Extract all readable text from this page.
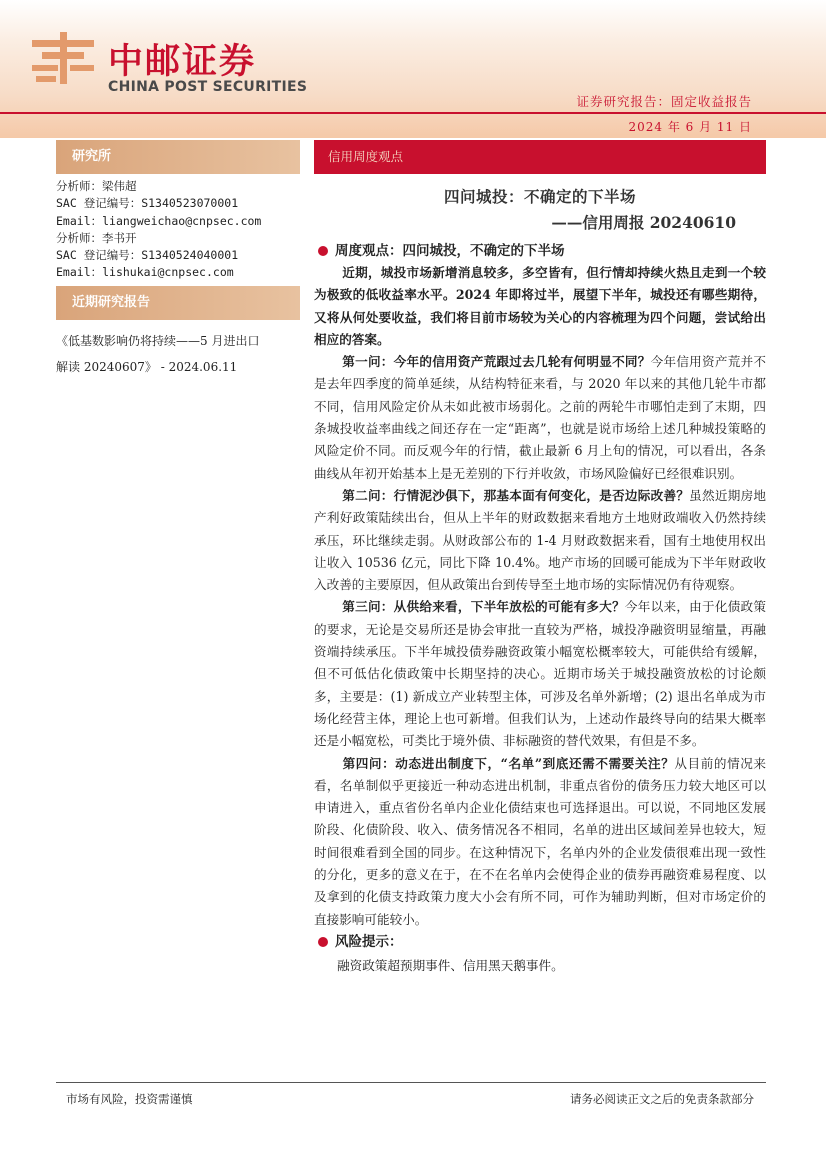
中邮证券
CHINA POST SECURITIES
证券研究报告：固定收益报告
2024 年 6 月 11 日
研究所
分析师：梁伟超
SAC 登记编号：S1340523070001
Email：liangweichao@cnpsec.com
分析师：李书开
SAC 登记编号：S1340524040001
Email：lishukai@cnpsec.com
近期研究报告
《低基数影响仍将持续——5 月进出口
解读 20240607》 - 2024.06.11
信用周度观点
四问城投：不确定的下半场
——信用周报 20240610
周度观点：四问城投，不确定的下半场

近期，城投市场新增消息较多，多空皆有，但行情却持续火热且走到一个较为极致的低收益率水平。2024 年即将过半，展望下半年，城投还有哪些期待，又将从何处要收益，我们将目前市场较为关心的内容梳理为四个问题，尝试给出相应的答案。

第一问：今年的信用资产荒跟过去几轮有何明显不同？今年信用资产荒并不是去年四季度的简单延续，从结构特征来看，与 2020 年以来的其他几轮牛市都不同，信用风险定价从未如此被市场弱化。之前的两轮牛市哪怕走到了末期，四条城投收益率曲线之间还存在一定“距离”，也就是说市场给上述几种城投策略的风险定价不同。而反观今年的行情，截止最新 6 月上旬的情况，可以看出，各条曲线从年初开始基本上是无差别的下行并收敛，市场风险偏好已经很难识别。

第二问：行情泥沙俱下，那基本面有何变化，是否边际改善？虽然近期房地产利好政策陆续出台，但从上半年的财政数据来看地方土地财政端收入仍然持续承压，环比继续走弱。从财政部公布的 1-4 月财政数据来看，国有土地使用权出让收入 10536 亿元，同比下降 10.4%。地产市场的回暖可能成为下半年财政收入改善的主要原因，但从政策出台到传导至土地市场的实际情况仍有待观察。

第三问：从供给来看，下半年放松的可能有多大？今年以来，由于化债政策的要求，无论是交易所还是协会审批一直较为严格，城投净融资明显缩量，再融资端持续承压。下半年城投债券融资政策小幅宽松概率较大，可能供给有缓解，但不可低估化债政策中长期坚持的决心。近期市场关于城投融资放松的讨论颇多，主要是：(1) 新成立产业转型主体，可涉及名单外新增；(2) 退出名单成为市场化经营主体，理论上也可新增。但我们认为，上述动作最终导向的结果大概率还是小幅宽松，可类比于境外债、非标融资的替代效果，有但是不多。

第四问：动态进出制度下，“名单”到底还需不需要关注？从目前的情况来看，名单制似乎更接近一种动态进出机制，非重点省份的债务压力较大地区可以申请进入，重点省份名单内企业化债结束也可选择退出。可以说，不同地区发展阶段、化债阶段、收入、债务情况各不相同，名单的进出区域间差异也较大，短时间很难看到全国的同步。在这种情况下，名单内外的企业发债很难出现一致性的分化，更多的意义在于，在不在名单内会使得企业的债券再融资难易程度、以及拿到的化债支持政策力度大小会有所不同，可作为辅助判断，但对市场定价的直接影响可能较小。

风险提示：
融资政策超预期事件、信用黑天鹅事件。
市场有风险，投资需谨慎	请务必阅读正文之后的免责条款部分
